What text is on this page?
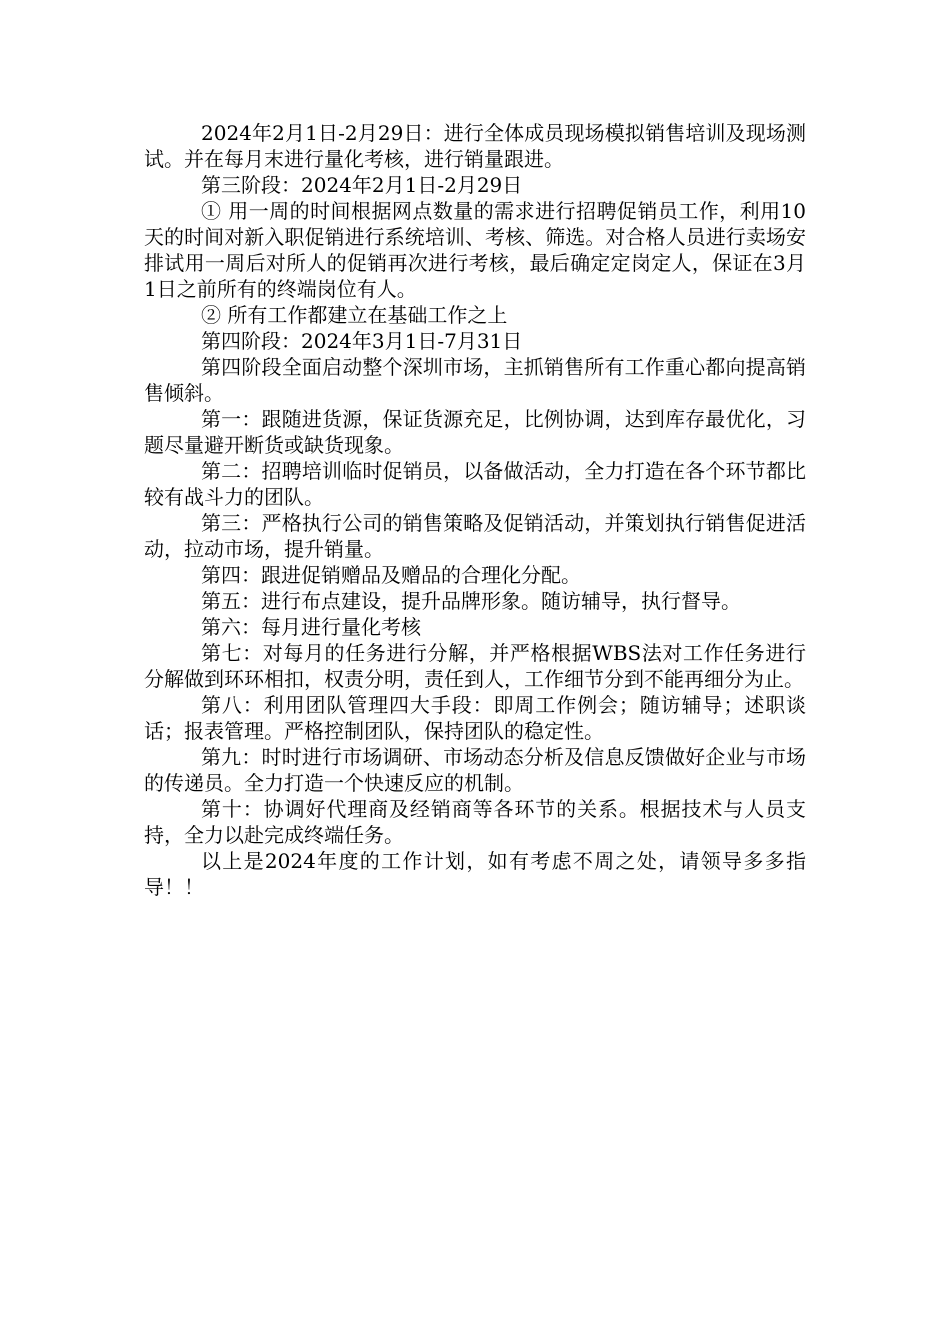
2024年2月1日-2月29日：进行全体成员现场模拟销售培训及现场测试。并在每月末进行量化考核，进行销量跟进。

第三阶段：2024年2月1日-2月29日

① 用一周的时间根据网点数量的需求进行招聘促销员工作，利用10天的时间对新入职促销进行系统培训、考核、筛选。对合格人员进行卖场安排试用一周后对所人的促销再次进行考核，最后确定定岗定人，保证在3月1日之前所有的终端岗位有人。

② 所有工作都建立在基础工作之上

第四阶段：2024年3月1日-7月31日

第四阶段全面启动整个深圳市场，主抓销售所有工作重心都向提高销售倾斜。

第一：跟随进货源，保证货源充足，比例协调，达到库存最优化，习题尽量避开断货或缺货现象。

第二：招聘培训临时促销员，以备做活动，全力打造在各个环节都比较有战斗力的团队。

第三：严格执行公司的销售策略及促销活动，并策划执行销售促进活动，拉动市场，提升销量。

第四：跟进促销赠品及赠品的合理化分配。

第五：进行布点建设，提升品牌形象。随访辅导，执行督导。

第六：每月进行量化考核

第七：对每月的任务进行分解，并严格根据WBS法对工作任务进行分解做到环环相扣，权责分明，责任到人，工作细节分到不能再细分为止。

第八：利用团队管理四大手段：即周工作例会；随访辅导；述职谈话；报表管理。严格控制团队，保持团队的稳定性。

第九：时时进行市场调研、市场动态分析及信息反馈做好企业与市场的传递员。全力打造一个快速反应的机制。

第十：协调好代理商及经销商等各环节的关系。根据技术与人员支持，全力以赴完成终端任务。

以上是2024年度的工作计划，如有考虑不周之处，请领导多多指导！！
